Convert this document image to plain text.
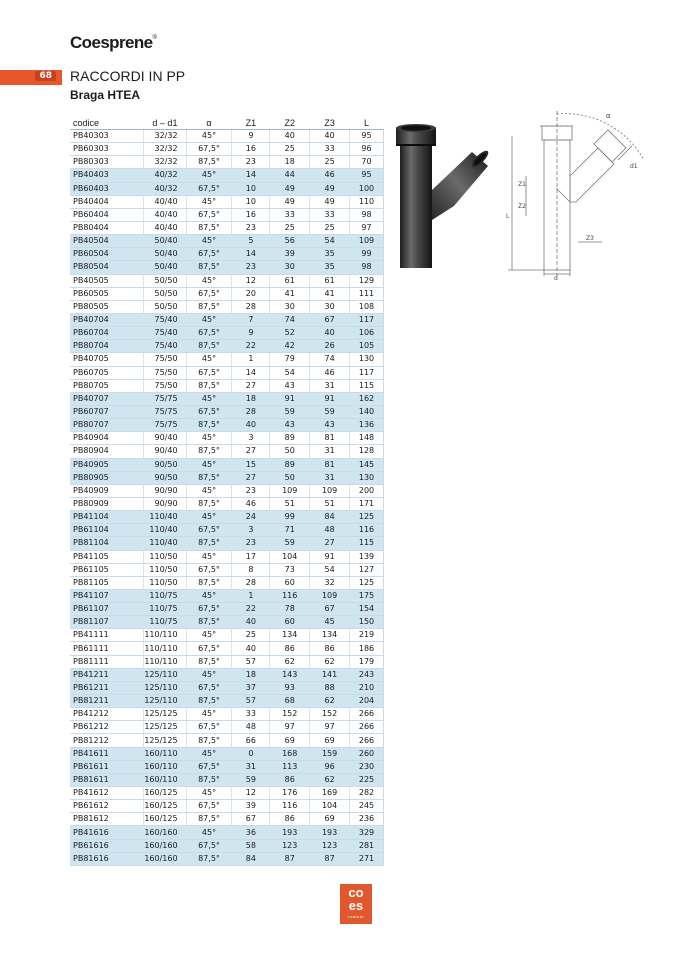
Coesprene®
68 RACCORDI IN PP
Braga HTEA
codice	d – d1	α	Z1	Z2	Z3	L
PB40303	32/32	45°	9	40	40	95
PB60303	32/32	67,5°	16	25	33	96
PB80303	32/32	87,5°	23	18	25	70
PB40403	40/32	45°	14	44	46	95
PB60403	40/32	67,5°	10	49	49	100
PB40404	40/40	45°	10	49	49	110
PB60404	40/40	67,5°	16	33	33	98
PB80404	40/40	87,5°	23	25	25	97
PB40504	50/40	45°	5	56	54	109
PB60504	50/40	67,5°	14	39	35	99
PB80504	50/40	87,5°	23	30	35	98
PB40505	50/50	45°	12	61	61	129
PB60505	50/50	67,5°	20	41	41	111
PB80505	50/50	87,5°	28	30	30	108
PB40704	75/40	45°	7	74	67	117
PB60704	75/40	67,5°	9	52	40	106
PB80704	75/40	87,5°	22	42	26	105
PB40705	75/50	45°	1	79	74	130
PB60705	75/50	67,5°	14	54	46	117
PB80705	75/50	87,5°	27	43	31	115
PB40707	75/75	45°	18	91	91	162
PB60707	75/75	67,5°	28	59	59	140
PB80707	75/75	87,5°	40	43	43	136
PB40904	90/40	45°	3	89	81	148
PB80904	90/40	87,5°	27	50	31	128
PB40905	90/50	45°	15	89	81	145
PB80905	90/50	87,5°	27	50	31	130
PB40909	90/90	45°	23	109	109	200
PB80909	90/90	87,5°	46	51	51	171
PB41104	110/40	45°	24	99	84	125
PB61104	110/40	67,5°	3	71	48	116
PB81104	110/40	87,5°	23	59	27	115
PB41105	110/50	45°	17	104	91	139
PB61105	110/50	67,5°	8	73	54	127
PB81105	110/50	87,5°	28	60	32	125
PB41107	110/75	45°	1	116	109	175
PB61107	110/75	67,5°	22	78	67	154
PB81107	110/75	87,5°	40	60	45	150
PB41111	110/110	45°	25	134	134	219
PB61111	110/110	67,5°	40	86	86	186
PB81111	110/110	87,5°	57	62	62	179
PB41211	125/110	45°	18	143	141	243
PB61211	125/110	67,5°	37	93	88	210
PB81211	125/110	87,5°	57	68	62	204
PB41212	125/125	45°	33	152	152	266
PB61212	125/125	67,5°	48	97	97	266
PB81212	125/125	87,5°	66	69	69	266
PB41611	160/110	45°	0	168	159	260
PB61611	160/110	67,5°	31	113	96	230
PB81611	160/110	87,5°	59	86	62	225
PB41612	160/125	45°	12	176	169	282
PB61612	160/125	67,5°	39	116	104	245
PB81612	160/125	87,5°	67	86	69	236
PB41616	160/160	45°	36	193	193	329
PB61616	160/160	67,5°	58	123	123	281
PB81616	160/160	87,5°	84	87	87	271
α
d1
Z1
Z2
Z3
L
d
co
es
COMPANY
